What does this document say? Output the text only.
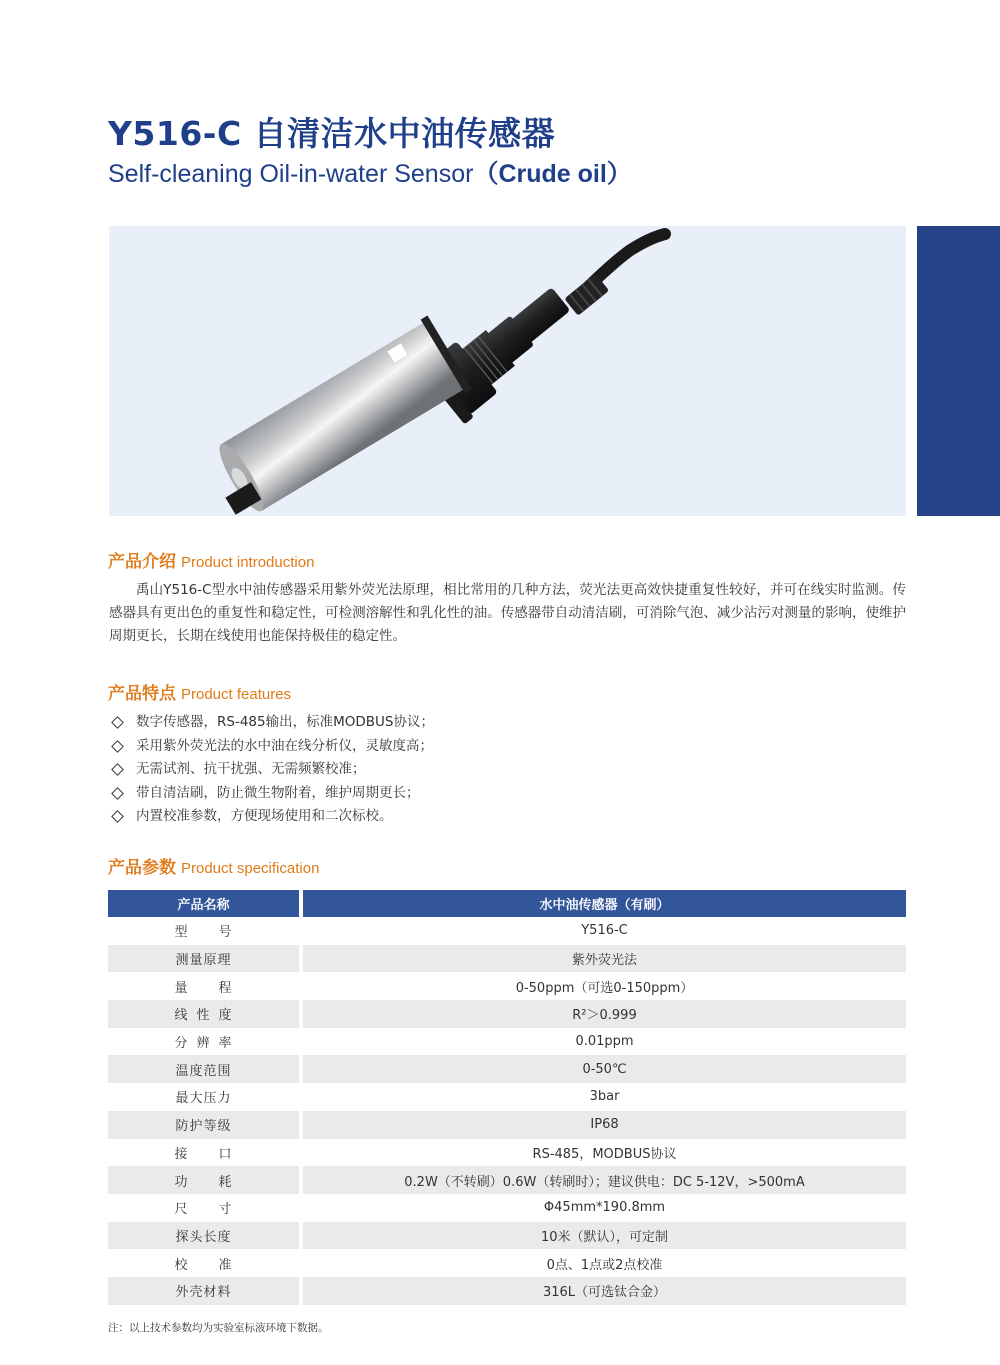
Y516-C 自清洁水中油传感器
Self-cleaning Oil-in-water Sensor（Crude oil）
产品介绍 Product introduction

禹山Y516-C型水中油传感器采用紫外荧光法原理，相比常用的几种方法，荧光法更高效快捷重复性较好，并可在线实时监测。传感器具有更出色的重复性和稳定性，可检测溶解性和乳化性的油。传感器带自动清洁刷，可消除气泡、减少沾污对测量的影响，使维护周期更长，长期在线使用也能保持极佳的稳定性。

产品特点 Product features
数字传感器，RS-485输出，标准MODBUS协议；
采用紫外荧光法的水中油在线分析仪，灵敏度高；
无需试剂、抗干扰强、无需频繁校准；
带自清洁刷，防止微生物附着，维护周期更长；
内置校准参数，方便现场使用和二次标校。
产品参数 Product specification
产品名称	水中油传感器（有刷）

型 号	Y516-C
测量原理	紫外荧光法

量 程	0-50ppm（可选0-150ppm）

线 性 度	R²＞0.999

分 辨 率	0.01ppm
温度范围	0-50℃
最大压力	3bar
防护等级	IP68

接 口	RS-485，MODBUS协议

功 耗	0.2W（不转刷）0.6W（转刷时）；建议供电：DC 5-12V，>500mA

尺 寸	Φ45mm*190.8mm
探头长度	10米（默认），可定制

校 准	0点、1点或2点校准
外壳材料	316L（可选钛合金）
注：以上技术参数均为实验室标液环境下数据。
